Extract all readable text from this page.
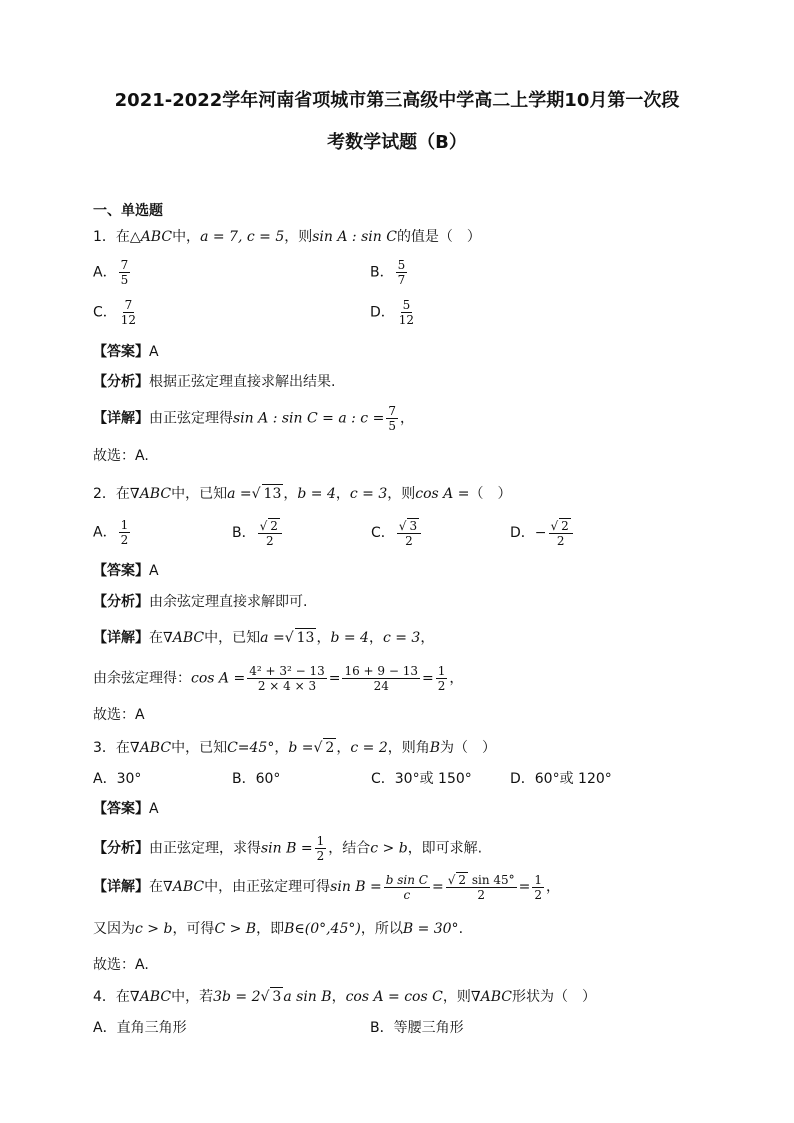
2021-2022学年河南省项城市第三高级中学高二上学期10月第一次段
考数学试题（B）
一、单选题
1．在△ABC中，a = 7, c = 5，则sin A : sin C的值是（　）
A． $\frac{7}{5}$	B． $\frac{5}{7}$
C． $\frac{7}{12}$	D． $\frac{5}{12}$
【答案】A
【分析】根据正弦定理直接求解出结果.
【详解】由正弦定理得sin A : sin C = a : $c = \frac{7}{5}$ ，
故选：A.
2．在∇ABC中，已知a =√ 13 ，b = 4，c = 3，则cos A =（　）
A． $\frac{1}{2}$	B． $\frac{√ 2}{2}$	C． $\frac{√ 3}{2}$	D．− $\frac{√ 2}{2}$
【答案】A
【分析】由余弦定理直接求解即可.
【详解】在∇ABC中，已知a =√ 13 ，b = 4，c = 3，
由余弦定理得：$\cos A = \frac{\text{4² + 3² − 13}}{2 \times 4 \times 3} = \frac{16 + 9 - 13}{24} = \frac{1}{2}$ ，
故选：A
3．在∇ABC中，已知C=45°，b =√ 2 ，c = 2，则角B为（　）
A．30°	B．60°	C．30°或 150°	D．60°或 120°
【答案】A
【分析】由正弦定理，求得$\sin B = \frac{1}{2}$ ，结合c > b，即可求解.
【详解】在∇ABC中，由正弦定理可得$\sin B = \frac{\text{b sin C}}{c} = \frac{√ 2 \sin 45^\circ}{2} = \frac{1}{2}$ ，
又因为c > b，可得C > B，即B∈(0°,45°)，所以B = 30°.
故选：A.
4．在∇ABC中，若3b = 2√ 3 a sin B，cos A = cos C，则∇ABC形状为（　）
A．直角三角形	B．等腰三角形
